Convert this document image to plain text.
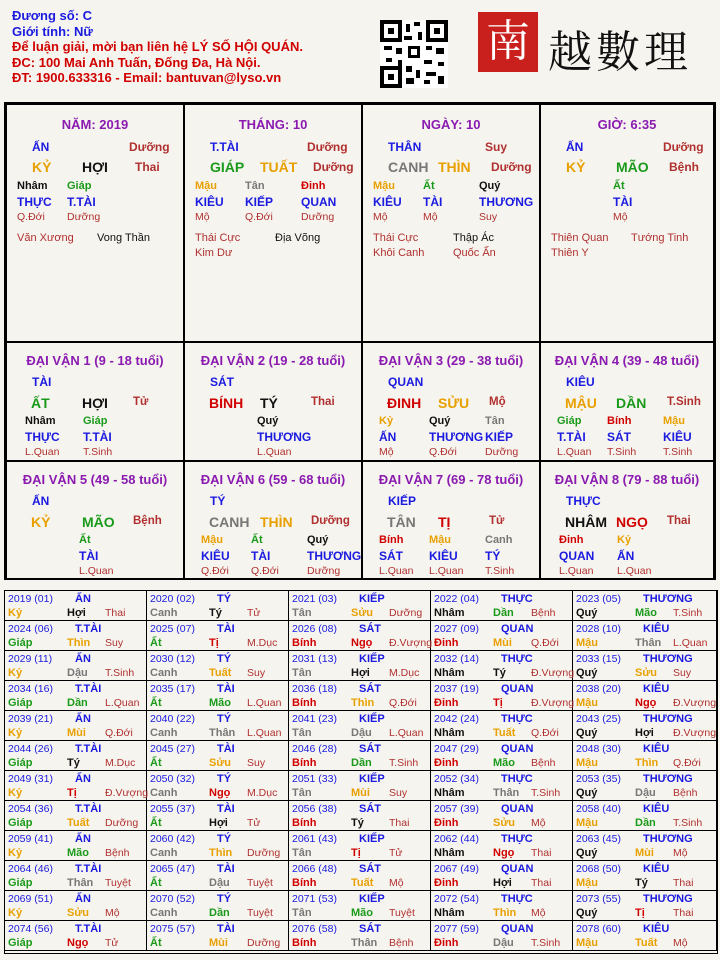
Đương số: C
Giới tính: Nữ
Để luận giải, mời bạn liên hệ LÝ SỐ HỘI QUÁN.
ĐC: 100 Mai Anh Tuấn, Đống Đa, Hà Nội.
ĐT: 1900.633316 - Email: bantuvan@lyso.vn
南 越數理
NĂM: 2019
ẤN	Dưỡng
KỶ HỢI Thai
Nhâm
THỰC
Q.Đới
Giáp
T.TÀI
Dưỡng
Văn Xương Vong Thần
THÁNG: 10
T.TÀI	Dưỡng
GIÁP TUẤT Dưỡng
Mậu
KIÊU
Mộ
Tân
KIẾP
Q.Đới
Đinh
QUAN
Dưỡng
Thái Cực	Địa Võng
Kim Dư
NGÀY: 10
THÂN	Suy
CANH THÌN Dưỡng
Mậu
KIÊU
Mộ
Ất
TÀI
Mộ
Quý
THƯƠNG
Suy
Thái Cực	Thập Ác
Khôi Canh	Quốc Ấn
GIỜ: 6:35
ẤN	Dưỡng
KỶ MÃO Bệnh
Ất
TÀI
Mộ
Thiên Quan Tướng Tinh
Thiên Y
ĐẠI VẬN 1 (9 - 18 tuổi)
TÀI
ẤT HỢI Tử
Nhâm
THỰC
L.Quan
Giáp
T.TÀI
T.Sinh
ĐẠI VẬN 2 (19 - 28 tuổi)
SÁT
BÍNH TÝ	Thai
Quý
THƯƠNG
L.Quan
ĐẠI VẬN 3 (29 - 38 tuổi)
QUAN
ĐINH SỬU Mộ
Kỷ
ẤN
Mộ
Quý
THƯƠNG
Q.Đới
Tân
KIẾP
Dưỡng
ĐẠI VẬN 4 (39 - 48 tuổi)
KIÊU
MẬU DẦN T.Sinh
Giáp
T.TÀI
L.Quan
Bính
SÁT
T.Sinh
Mậu
KIÊU
T.Sinh
ĐẠI VẬN 5 (49 - 58 tuổi)
ẤN
KỶ MÃO Bệnh
Ất
TÀI
L.Quan
ĐẠI VẬN 6 (59 - 68 tuổi)
TÝ
CANH THÌN Dưỡng
Mậu
KIÊU
Q.Đới
Ất
TÀI
Q.Đới
Quý
THƯƠNG
Dưỡng
ĐẠI VẬN 7 (69 - 78 tuổi)
KIẾP
TÂN TỊ	Tử
Bính
SÁT
L.Quan
Mậu
KIÊU
L.Quan
Canh
TÝ
T.Sinh
ĐẠI VẬN 8 (79 - 88 tuổi)
THỰC
NHÂM NGỌ Thai
Đinh
QUAN
L.Quan
Kỷ
ẤN
L.Quan
2019 (01) ẤN
Kỷ	Hợi Thai
2020 (02) TÝ
Canh	Tý Tử
2021 (03) KIẾP
Tân	Sửu Dưỡng
2022 (04) THỰC
Nhâm	Dần Bệnh
2023 (05) THƯƠNG
Quý	Mão T.Sinh
2024 (06) T.TÀI
Giáp	Thìn Suy
2025 (07) TÀI
Ất	Tị	M.Dục
2026 (08) SÁT
Bính	Ngọ Đ.Vượng
2027 (09) QUAN
Đinh	Mùi Q.Đới
2028 (10) KIÊU
Mậu	Thân L.Quan
2029 (11) ẤN
Kỷ	Dậu T.Sinh
2030 (12) TÝ
Canh	Tuất Suy
2031 (13) KIẾP
Tân	Hợi M.Dục
2032 (14) THỰC
Nhâm	Tý Đ.Vượng
2033 (15) THƯƠNG
Quý	Sửu Suy
2034 (16) T.TÀI
Giáp	Dần L.Quan
2035 (17) TÀI
Ất	Mão L.Quan
2036 (18) SÁT
Bính	Thìn Q.Đới
2037 (19) QUAN
Đinh	Tị	Đ.Vượng
2038 (20) KIÊU
Mậu	Ngọ Đ.Vượng
2039 (21) ẤN
Kỷ	Mùi Q.Đới
2040 (22) TÝ
Canh	Thân L.Quan
2041 (23) KIẾP
Tân	Dậu L.Quan
2042 (24) THỰC
Nhâm	Tuất Q.Đới
2043 (25) THƯƠNG
Quý	Hợi Đ.Vượng
2044 (26) T.TÀI
Giáp	Tý M.Dục
2045 (27) TÀI
Ất	Sửu Suy
2046 (28) SÁT
Bính	Dần T.Sinh
2047 (29) QUAN
Đinh	Mão Bệnh
2048 (30) KIÊU
Mậu	Thìn Q.Đới
2049 (31) ẤN
Kỷ	Tị	Đ.Vượng
2050 (32) TÝ
Canh	Ngọ M.Dục
2051 (33) KIẾP
Tân	Mùi Suy
2052 (34) THỰC
Nhâm	Thân T.Sinh
2053 (35) THƯƠNG
Quý	Dậu Bệnh
2054 (36) T.TÀI
Giáp	Tuất Dưỡng
2055 (37) TÀI
Ất	Hợi Tử
2056 (38) SÁT
Bính	Tý Thai
2057 (39) QUAN
Đinh	Sửu Mộ
2058 (40) KIÊU
Mậu	Dần T.Sinh
2059 (41) ẤN
Kỷ	Mão Bệnh
2060 (42) TÝ
Canh	Thìn Dưỡng
2061 (43) KIẾP
Tân	Tị	Tử
2062 (44) THỰC
Nhâm	Ngọ Thai
2063 (45) THƯƠNG
Quý	Mùi Mộ
2064 (46) T.TÀI
Giáp	Thân Tuyệt
2065 (47) TÀI
Ất	Dậu Tuyệt
2066 (48) SÁT
Bính	Tuất Mộ
2067 (49) QUAN
Đinh	Hợi Thai
2068 (50) KIÊU
Mậu	Tý Thai
2069 (51) ẤN
Kỷ	Sửu Mộ
2070 (52) TÝ
Canh	Dần Tuyệt
2071 (53) KIẾP
Tân	Mão Tuyệt
2072 (54) THỰC
Nhâm	Thìn Mộ
2073 (55) THƯƠNG
Quý	Tị	Thai
2074 (56) T.TÀI
Giáp	Ngọ Tử
2075 (57) TÀI
Ất	Mùi Dưỡng
2076 (58) SÁT
Bính	Thân Bệnh
2077 (59) QUAN
Đinh	Dậu T.Sinh
2078 (60) KIÊU
Mậu	Tuất Mộ
